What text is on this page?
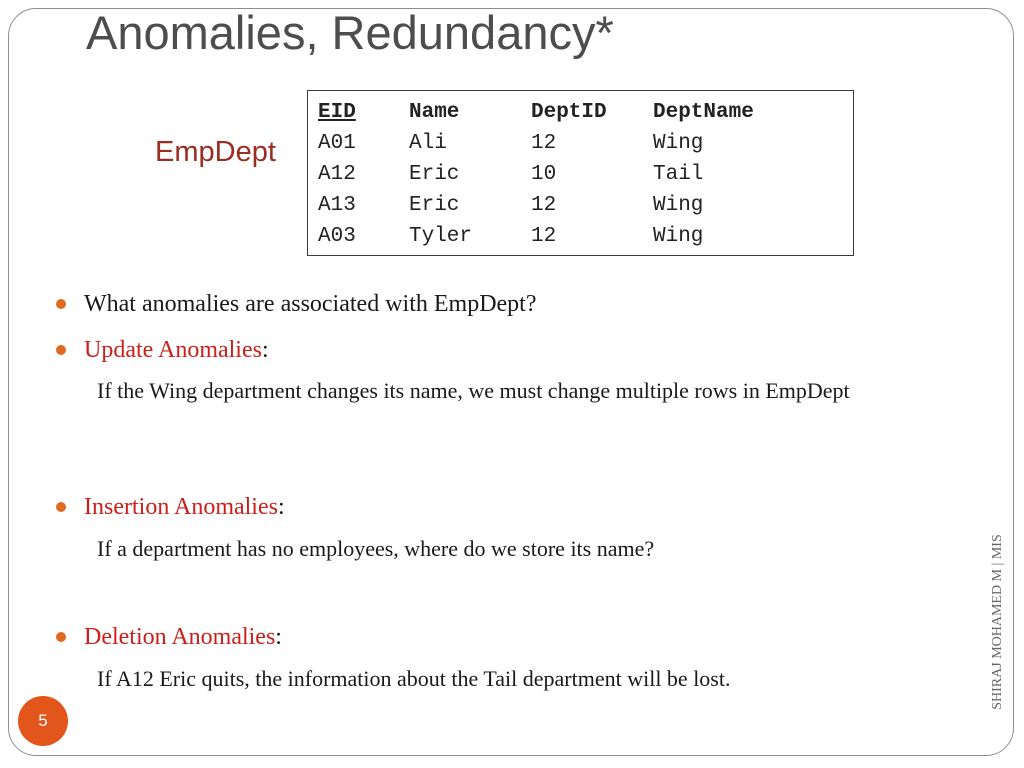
Anomalies, Redundancy*
EmpDept
EID	Name	DeptID	DeptName
A01	Ali	12	Wing
A12	Eric	10	Tail
A13	Eric	12	Wing
A03	Tyler	12	Wing
What anomalies are associated with EmpDept?
Update Anomalies:
If the Wing department changes its name, we must change multiple rows in EmpDept
Insertion Anomalies:
If a department has no employees, where do we store its name?
Deletion Anomalies:
If A12 Eric quits, the information about the Tail department will be lost.	SHIRAJ MOHAMED M | MIS
5
